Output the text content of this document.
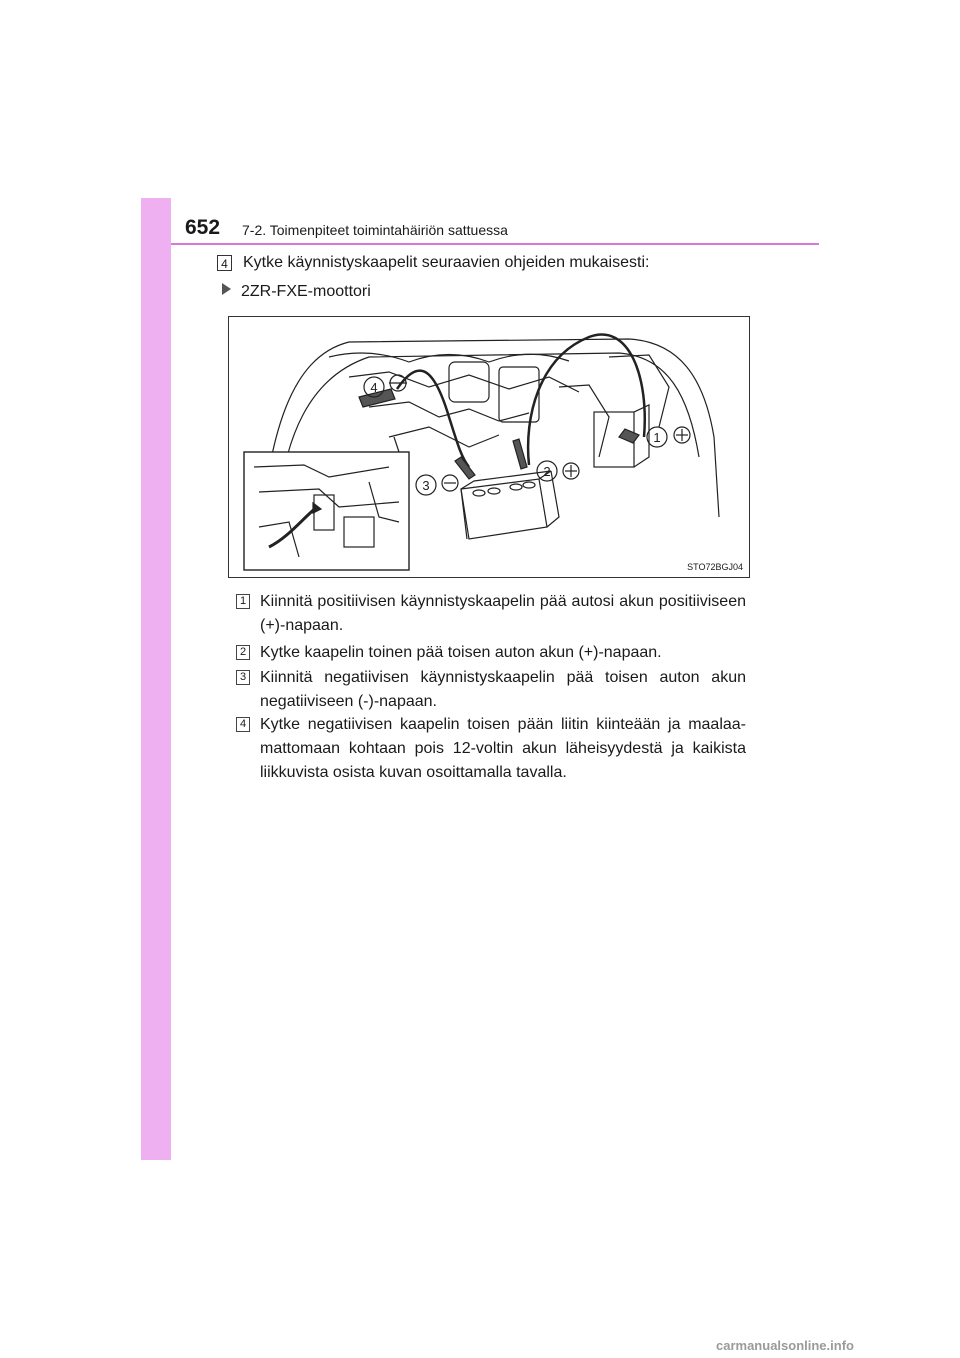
652 7-2. Toimenpiteet toimintahäiriön sattuessa
4 Kytke käynnistyskaapelit seuraavien ohjeiden mukaisesti:
2ZR-FXE-moottori
4
1
2
3
STO72BGJ04
1 Kiinnitä positiivisen käynnistyskaapelin pää autosi akun positiiviseen (+)-napaan.
2 Kytke kaapelin toinen pää toisen auton akun (+)-napaan.
3 Kiinnitä negatiivisen käynnistyskaapelin pää toisen auton akun negatiiviseen (-)-napaan.
4 Kytke negatiivisen kaapelin toisen pään liitin kiinteään ja maalaamattomaan kohtaan pois 12-voltin akun läheisyydestä ja kaikista liikkuvista osista kuvan osoittamalla tavalla.
carmanualsonline.info
